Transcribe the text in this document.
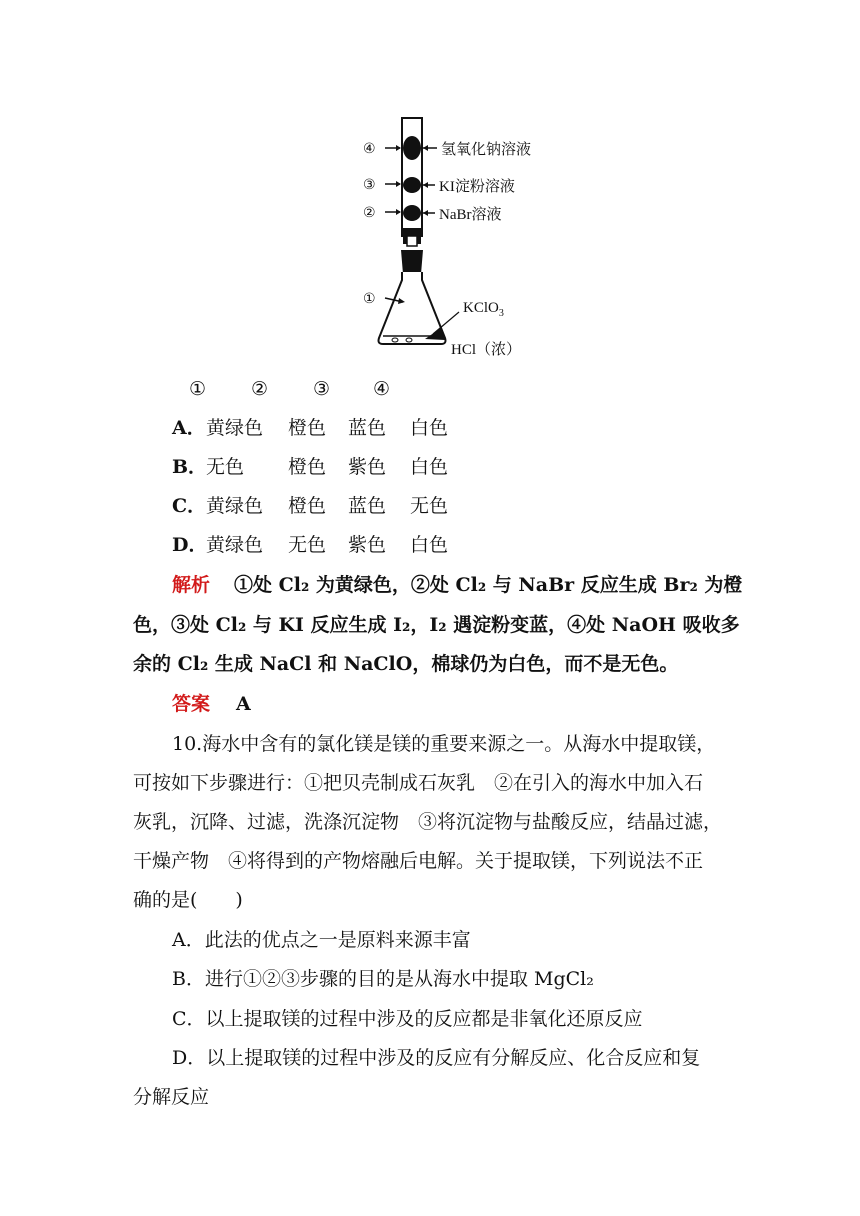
④
③
②
①
氢氧化钠溶液
KI淀粉溶液
NaBr溶液
KClO$_3$
HCl（浓）
① ② ③ ④
A． 黄绿色 橙色 蓝色 白色
B．
无色 橙色 紫色 白色
C． 黄绿色 橙色 蓝色 无色
D．
黄绿色 无色 紫色 白色
解析 ①处 Cl₂ 为黄绿色，②处 Cl₂ 与 NaBr 反应生成 Br₂ 为橙
色，③处 Cl₂ 与 KI 反应生成 I₂，I₂ 遇淀粉变蓝，④处 NaOH 吸收多
余的 Cl₂ 生成 NaCl 和 NaClO，棉球仍为白色，而不是无色。
答案 A
10.海水中含有的氯化镁是镁的重要来源之一。从海水中提取镁，
可按如下步骤进行：①把贝壳制成石灰乳　②在引入的海水中加入石
灰乳，沉降、过滤，洗涤沉淀物　③将沉淀物与盐酸反应，结晶过滤，
干燥产物　④将得到的产物熔融后电解。关于提取镁，下列说法不正
确的是(　　)
A．此法的优点之一是原料来源丰富
B．进行①②③步骤的目的是从海水中提取 MgCl₂
C．以上提取镁的过程中涉及的反应都是非氧化还原反应
D．以上提取镁的过程中涉及的反应有分解反应、化合反应和复
分解反应
